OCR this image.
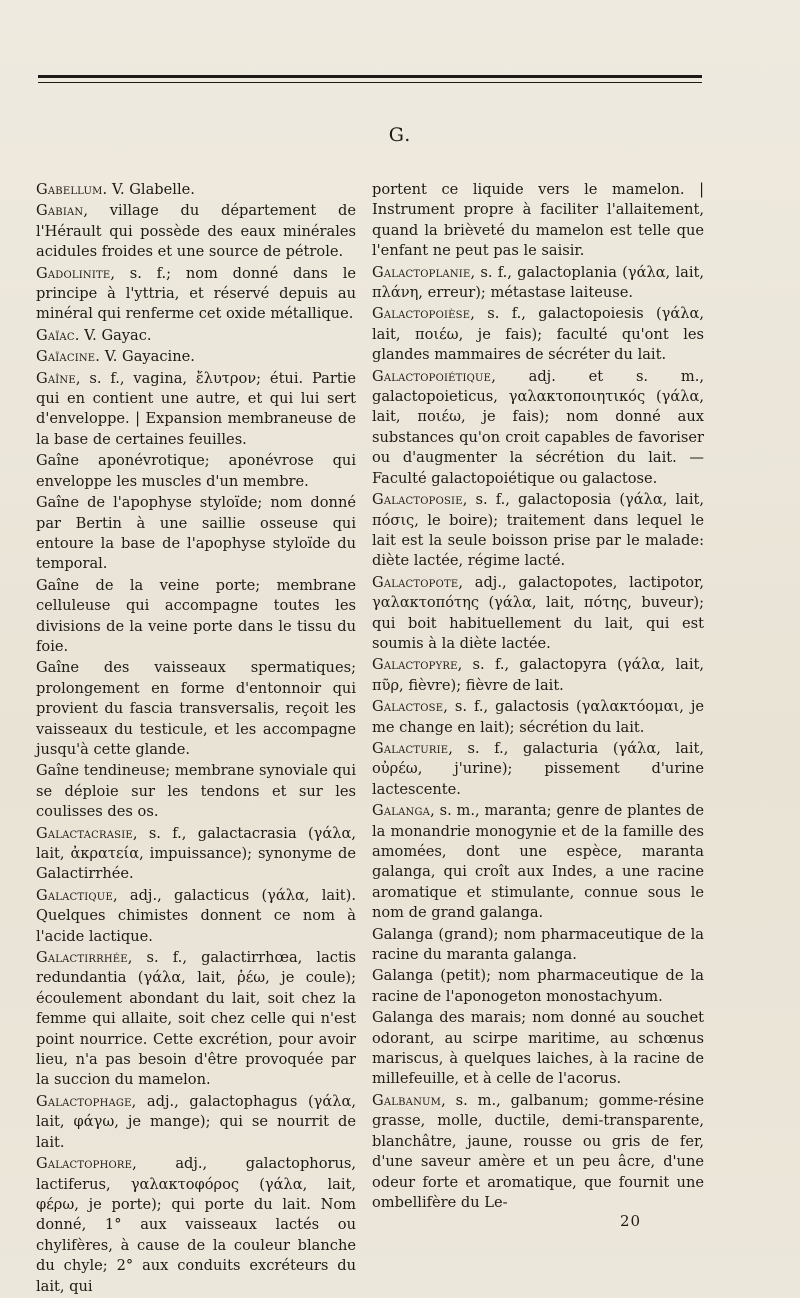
G.

Gabellum. V. Glabelle.

Gabian, village du département de l'Hérault qui possède des eaux minérales acidules froides et une source de pétrole.

Gadolinite, s. f.; nom donné dans le principe à l'yttria, et réservé depuis au minéral qui renferme cet oxide métallique.

Gaïac. V. Gayac.

Gaïacine. V. Gayacine.

Gaîne, s. f., vagina, ἔλυτρον; étui. Partie qui en contient une autre, et qui lui sert d'enveloppe. | Expansion membraneuse de la base de certaines feuilles.

Gaîne aponévrotique; aponévrose qui enveloppe les muscles d'un membre.

Gaîne de l'apophyse styloïde; nom donné par Bertin à une saillie osseuse qui entoure la base de l'apophyse styloïde du temporal.

Gaîne de la veine porte; membrane celluleuse qui accompagne toutes les divisions de la veine porte dans le tissu du foie.

Gaîne des vaisseaux spermatiques; prolongement en forme d'entonnoir qui provient du fascia transversalis, reçoit les vaisseaux du testicule, et les accompagne jusqu'à cette glande.

Gaîne tendineuse; membrane synoviale qui se déploie sur les tendons et sur les coulisses des os.

Galactacrasie, s. f., galactacrasia (γάλα, lait, ἀκρατεία, impuissance); synonyme de Galactirrhée.

Galactique, adj., galacticus (γάλα, lait). Quelques chimistes donnent ce nom à l'acide lactique.

Galactirrhée, s. f., galactirrhœa, lactis redundantia (γάλα, lait, ῥέω, je coule); écoulement abondant du lait, soit chez la femme qui allaite, soit chez celle qui n'est point nourrice. Cette excrétion, pour avoir lieu, n'a pas besoin d'être provoquée par la succion du mamelon.

Galactophage, adj., galactophagus (γάλα, lait, φάγω, je mange); qui se nourrit de lait.

Galactophore, adj., galactophorus, lactiferus, γαλακτοφόρος (γάλα, lait, φέρω, je porte); qui porte du lait. Nom donné, 1° aux vaisseaux lactés ou chylifères, à cause de la couleur blanche du chyle; 2° aux conduits excréteurs du lait, qui

portent ce liquide vers le mamelon. | Instrument propre à faciliter l'allaitement, quand la brièveté du mamelon est telle que l'enfant ne peut pas le saisir.

Galactoplanie, s. f., galactoplania (γάλα, lait, πλάνη, erreur); métastase laiteuse.

Galactopoièse, s. f., galactopoiesis (γάλα, lait, ποιέω, je fais); faculté qu'ont les glandes mammaires de sécréter du lait.

Galactopoiétique, adj. et s. m., galactopoieticus, γαλακτοποιητικός (γάλα, lait, ποιέω, je fais); nom donné aux substances qu'on croit capables de favoriser ou d'augmenter la sécrétion du lait. —Faculté galactopoiétique ou galactose.

Galactoposie, s. f., galactoposia (γάλα, lait, πόσις, le boire); traitement dans lequel le lait est la seule boisson prise par le malade: diète lactée, régime lacté.

Galactopote, adj., galactopotes, lactipotor, γαλακτοπότης (γάλα, lait, πότης, buveur); qui boit habituellement du lait, qui est soumis à la diète lactée.

Galactopyre, s. f., galactopyra (γάλα, lait, πῦρ, fièvre); fièvre de lait.

Galactose, s. f., galactosis (γαλακτόομαι, je me change en lait); sécrétion du lait.

Galacturie, s. f., galacturia (γάλα, lait, οὐρέω, j'urine); pissement d'urine lactescente.

Galanga, s. m., maranta; genre de plantes de la monandrie monogynie et de la famille des amomées, dont une espèce, maranta galanga, qui croît aux Indes, a une racine aromatique et stimulante, connue sous le nom de grand galanga.

Galanga (grand); nom pharmaceutique de la racine du maranta galanga.

Galanga (petit); nom pharmaceutique de la racine de l'aponogeton monostachyum.

Galanga des marais; nom donné au souchet odorant, au scirpe maritime, au schœnus mariscus, à quelques laiches, à la racine de millefeuille, et à celle de l'acorus.

Galbanum, s. m., galbanum; gomme-résine grasse, molle, ductile, demi-transparente, blanchâtre, jaune, rousse ou gris de fer, d'une saveur amère et un peu âcre, d'une odeur forte et aromatique, que fournit une ombellifère du Le-

20
